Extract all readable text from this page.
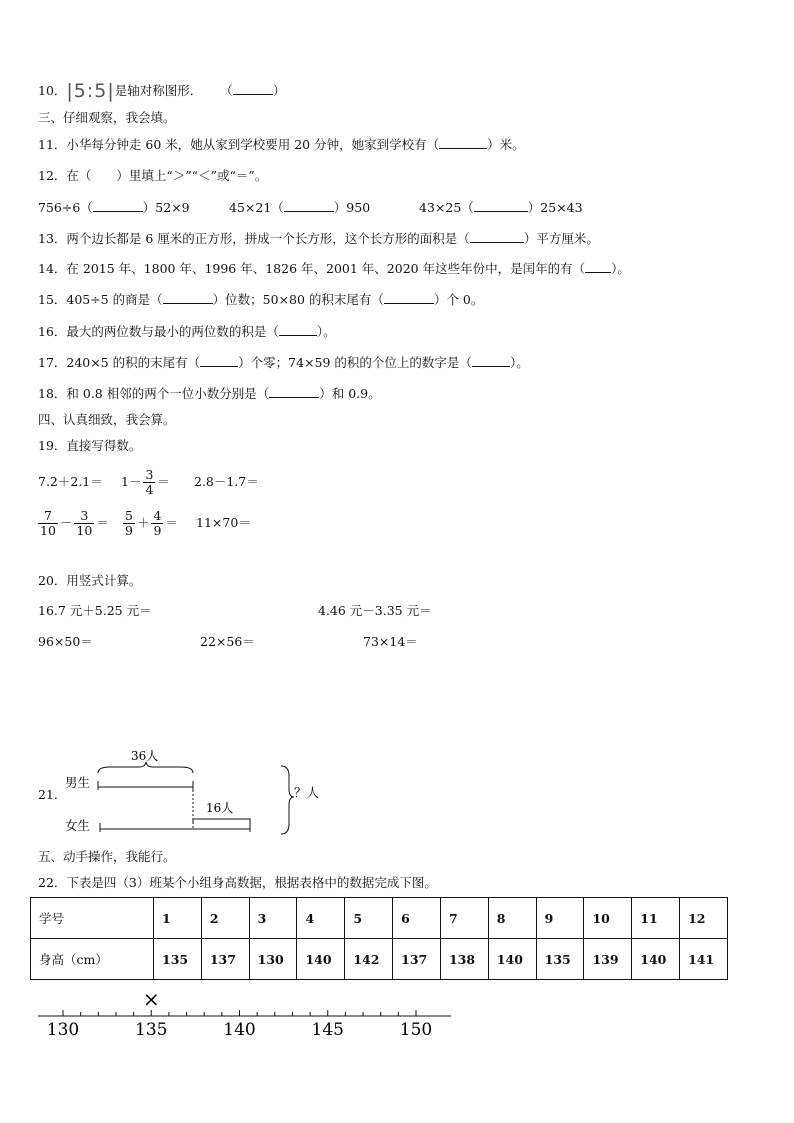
10．|5:5|是轴对称图形． （	）
三、仔细观察，我会填。
11．小华每分钟走 60 米，她从家到学校要用 20 分钟，她家到学校有（	）米。
12．在（　　）里填上“＞”“＜”或“＝”。
756÷6（	）52×9	45×21（	）950	43×25（	）25×43
13．两个边长都是 6 厘米的正方形，拼成一个长方形，这个长方形的面积是（	）平方厘米。
14．在 2015 年、1800 年、1996 年、1826 年、2001 年、2020 年这些年份中，是闰年的有（ ）。
15．405÷5 的商是（	）位数；50×80 的积末尾有（	）个 0。
16．最大的两位数与最小的两位数的积是（	）。
17．240×5 的积的末尾有（	）个零；74×59 的积的个位上的数字是（	）。
18．和 0.8 相邻的两个一位小数分别是（	）和 0.9。
四、认真细致，我会算。
19．直接写得数。
$7.2+2.1= 1- \frac{3}{4} = 2.8-1.7=$
$\frac{7}{10} - \frac{3}{10} = \frac{5}{9} + \frac{4}{9} = 11\times 70=$
20．用竖式计算。
16.7 元＋5.25 元＝	4.46 元－3.35 元＝
96×50＝	22×56＝	73×14＝
21．
男生
女生
36人
16人
？人
五、动手操作，我能行。
22．下表是四（3）班某个小组身高数据，根据表格中的数据完成下图。
学号	1	2	3	4	5	6	7	8	9	10	11	12
身高（cm）	135	137	130	140	142	137	138	140	135	139	140	141
130	135	140	145	150
×
